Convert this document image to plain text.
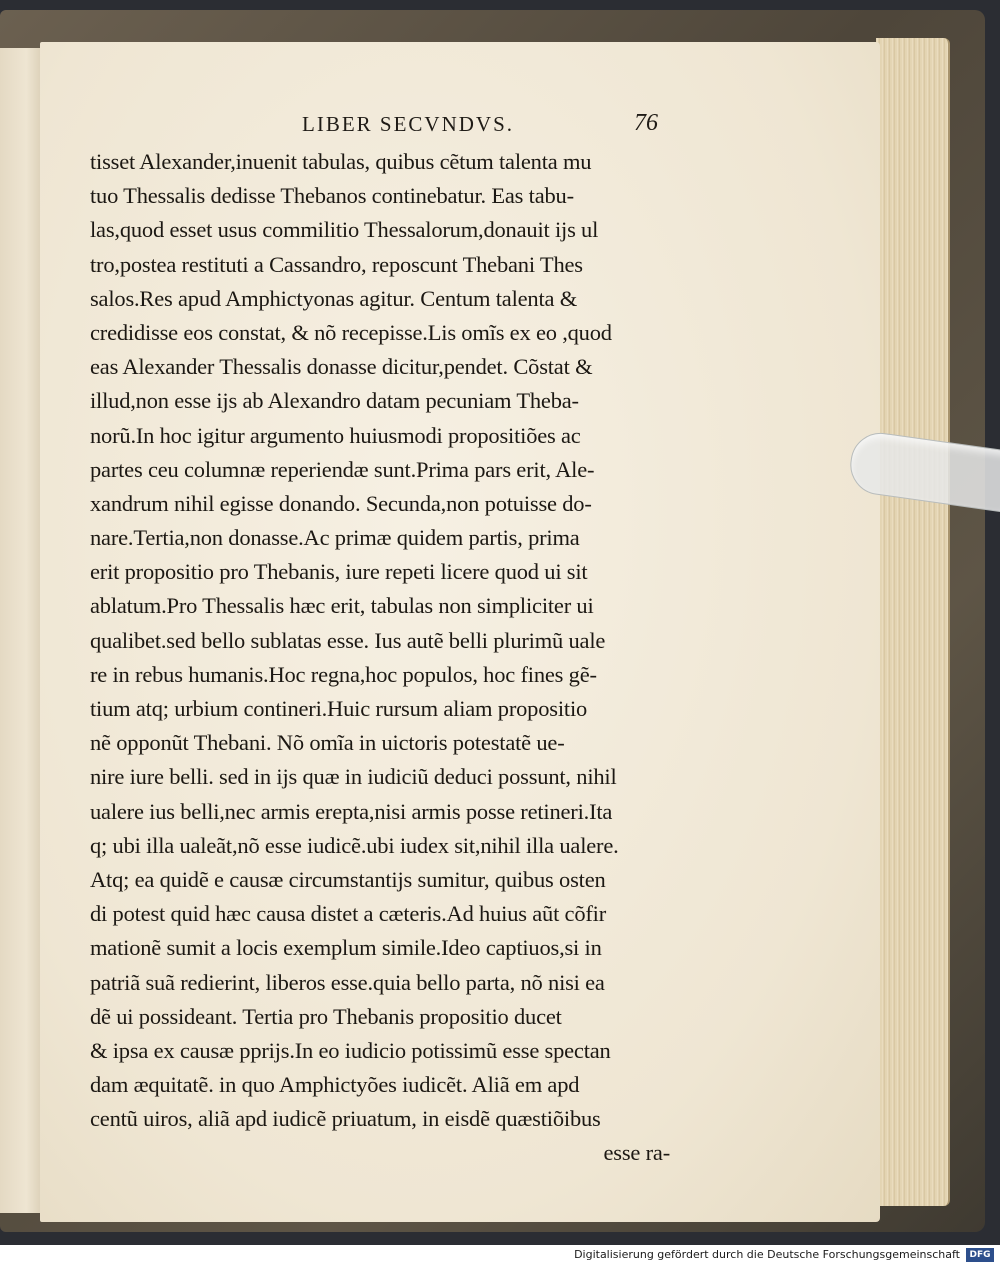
LIBER SECVNDVS.	76
tisset Alexander,inuenit tabulas, quibus cẽtum talenta mu
tuo Thessalis dedisse Thebanos continebatur. Eas tabu-
las,quod esset usus commilitio Thessalorum,donauit ijs ul
tro,postea restituti a Cassandro, reposcunt Thebani Thes
salos.Res apud Amphictyonas agitur. Centum talenta &
credidisse eos constat, & nõ recepisse.Lis omĩs ex eo ,quod
eas Alexander Thessalis donasse dicitur,pendet. Cõstat &
illud,non esse ijs ab Alexandro datam pecuniam Theba-
norũ.In hoc igitur argumento huiusmodi propositiões ac
partes ceu columnæ reperiendæ sunt.Prima pars erit, Ale-
xandrum nihil egisse donando. Secunda,non potuisse do-
nare.Tertia,non donasse.Ac primæ quidem partis, prima
erit propositio pro Thebanis, iure repeti licere quod ui sit
ablatum.Pro Thessalis hæc erit, tabulas non simpliciter ui
qualibet.sed bello sublatas esse. Ius autẽ belli plurimũ uale
re in rebus humanis.Hoc regna,hoc populos, hoc fines gẽ-
tium atq; urbium contineri.Huic rursum aliam propositio
nẽ opponũt Thebani. Nõ omĩa in uictoris potestatẽ ue-
nire iure belli. sed in ijs quæ in iudiciũ deduci possunt, nihil
ualere ius belli,nec armis erepta,nisi armis posse retineri.Ita
q; ubi illa ualeãt,nõ esse iudicẽ.ubi iudex sit,nihil illa ualere.
Atq; ea quidẽ e causæ circumstantijs sumitur, quibus osten
di potest quid hæc causa distet a cæteris.Ad huius aũt cõfir
mationẽ sumit a locis exemplum simile.Ideo captiuos,si in
patriã suã redierint, liberos esse.quia bello parta, nõ nisi ea
dẽ ui possideant. Tertia pro Thebanis propositio ducet
& ipsa ex causæ pprijs.In eo iudicio potissimũ esse spectan
dam æquitatẽ. in quo Amphictyões iudicẽt. Aliã em apd
centũ uiros, aliã apd iudicẽ priuatum, in eisdẽ quæstiõibus
esse ra-
Digitalisierung gefördert durch die Deutsche Forschungsgemeinschaft	DFG
